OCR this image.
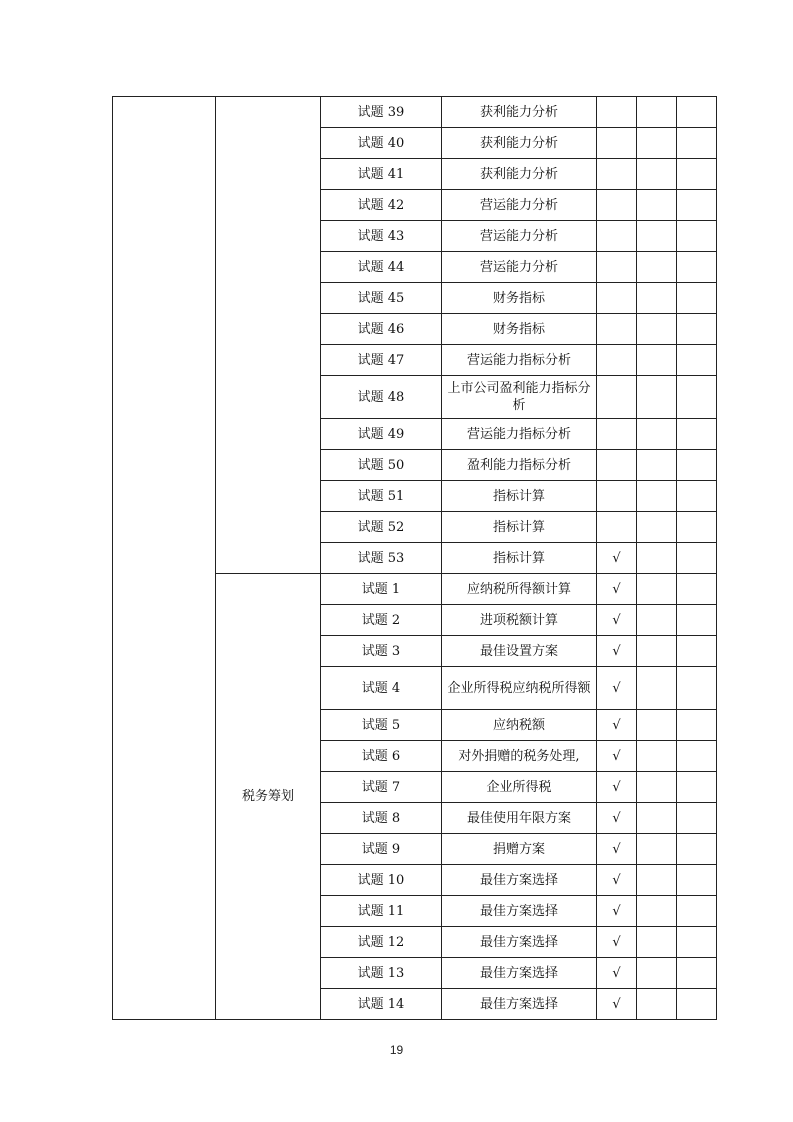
		试题 39	获利能力分析			
		试题 40	获利能力分析			
		试题 41	获利能力分析			
		试题 42	营运能力分析			
		试题 43	营运能力分析			
		试题 44	营运能力分析			
		试题 45	财务指标			
		试题 46	财务指标			
		试题 47	营运能力指标分析			
		试题 48	上市公司盈利能力指标分析			
		试题 49	营运能力指标分析			
		试题 50	盈利能力指标分析			
		试题 51	指标计算			
		试题 52	指标计算			
		试题 53	指标计算	√		
	税务筹划	试题 1	应纳税所得额计算	√		
		试题 2	进项税额计算	√		
		试题 3	最佳设置方案	√		
		试题 4	企业所得税应纳税所得额	√		
		试题 5	应纳税额	√		
		试题 6	对外捐赠的税务处理,	√		
		试题 7	企业所得税	√		
		试题 8	最佳使用年限方案	√		
		试题 9	捐赠方案	√		
		试题 10	最佳方案选择	√		
		试题 11	最佳方案选择	√		
		试题 12	最佳方案选择	√		
		试题 13	最佳方案选择	√		
		试题 14	最佳方案选择	√		
19
